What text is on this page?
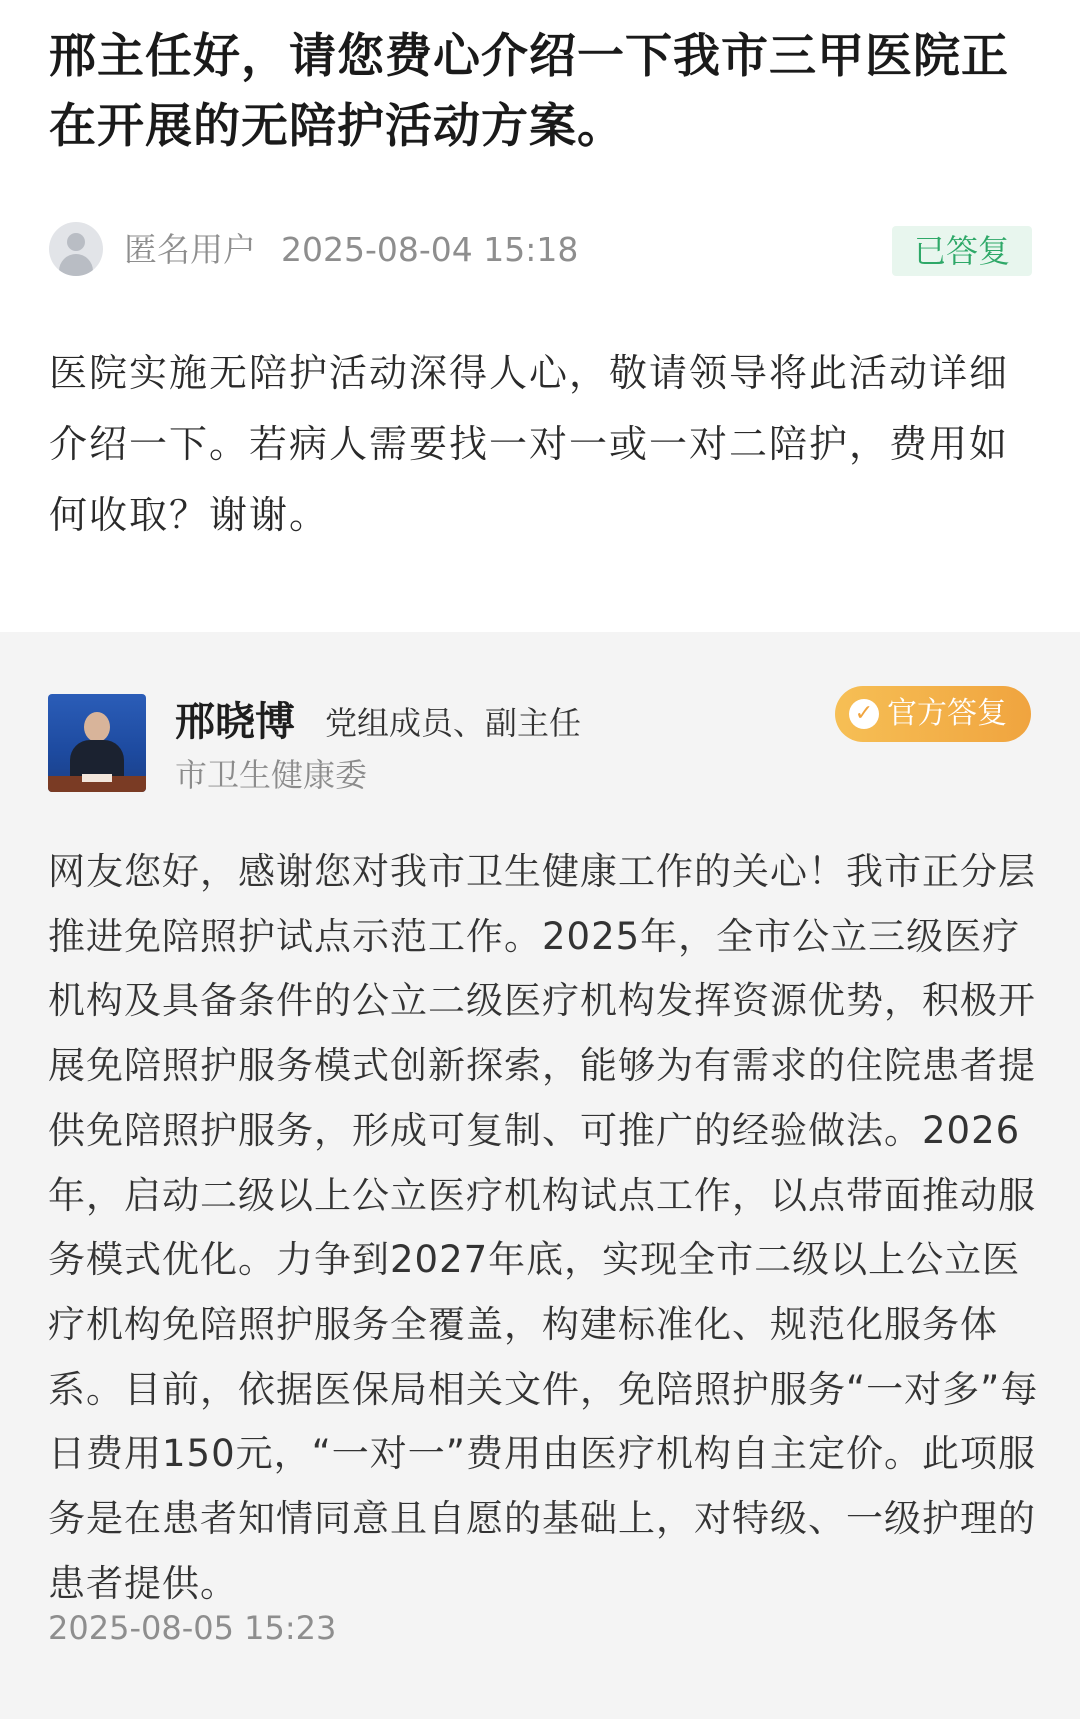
邢主任好，请您费心介绍一下我市三甲医院正在开展的无陪护活动方案。
匿名用户 2025-08-04 15:18	已答复

医院实施无陪护活动深得人心，敬请领导将此活动详细介绍一下。若病人需要找一对一或一对二陪护，费用如何收取？谢谢。

邢晓博 党组成员、副主任
市卫生健康委
✓ 官方答复

网友您好，感谢您对我市卫生健康工作的关心！我市正分层推进免陪照护试点示范工作。2025年，全市公立三级医疗机构及具备条件的公立二级医疗机构发挥资源优势，积极开展免陪照护服务模式创新探索，能够为有需求的住院患者提供免陪照护服务，形成可复制、可推广的经验做法。2026年，启动二级以上公立医疗机构试点工作，以点带面推动服务模式优化。力争到2027年底，实现全市二级以上公立医疗机构免陪照护服务全覆盖，构建标准化、规范化服务体系。目前，依据医保局相关文件，免陪照护服务“一对多”每日费用150元，“一对一”费用由医疗机构自主定价。此项服务是在患者知情同意且自愿的基础上，对特级、一级护理的患者提供。

2025-08-05 15:23
